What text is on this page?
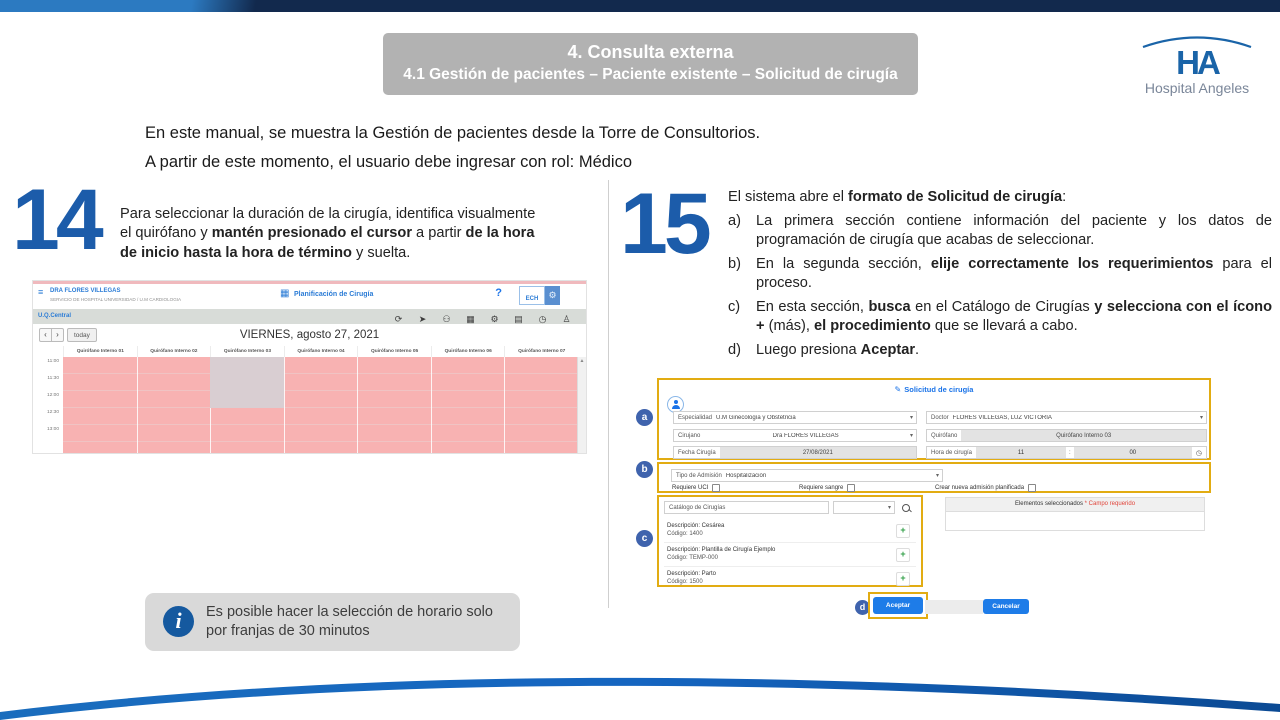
4. Consulta externa
4.1 Gestión de pacientes – Paciente existente – Solicitud de cirugía	HA
Hospital Angeles
En este manual, se muestra la Gestión de pacientes desde la Torre de Consultorios.
A partir de este momento, el usuario debe ingresar con rol: Médico
14 Para seleccionar la duración de la cirugía, identifica visualmente el quirófano y mantén presionado el cursor a partir de la hora de inicio hasta la hora de término y suelta.

≡ DRA FLORES VILLEGAS
SERVICIO DE HOSPITAL UNIVERSIDAD / U.M CARDIOLOGIA
▦ Planificación de Cirugía	?	ECH	⚙
U.Q.Central	⟳	➤	⚇	▦	⚙	▤	◷	♙
‹	›	today	VIERNES, agosto 27, 2021
Quirófano Interno 01	Quirófano Interno 02	Quirófano Interno 03	Quirófano Interno 04	Quirófano Interno 05	Quirófano Interno 06	Quirófano Interno 07
11:00
11:30
12:00
12:30
13:00
▲
i	Es posible hacer la selección de horario solo por franjas de 30 minutos
15 El sistema abre el formato de Solicitud de cirugía:
a)	La primera sección contiene información del paciente y los datos de programación de cirugía que acabas de seleccionar.
b)	En la segunda sección, elije correctamente los requerimientos para el proceso.
c)	En esta sección, busca en el Catálogo de Cirugías y selecciona con el ícono + (más), el procedimiento que se llevará a cabo.
d)	Luego presiona Aceptar.
a
b
c
✎ Solicitud de cirugía
Especialidad U.M Ginecología y Obstetricia	▾	Doctor FLORES VILLEGAS, LUZ VICTORIA	▾
Cirujano	Dra FLORES VILLEGAS	▾	Quirófano	Quirófano Interno 03
Fecha Cirugía	27/08/2021	Hora de cirugía	11	:	00	◷
Tipo de Admisión Hospitalización	▾
Requiere UCI	Requiere sangre	Crear nueva admisión planificada
Catálogo de Cirugías	▾
Descripción: Cesárea
Código: 1400	+
Descripción: Plantilla de Cirugía Ejemplo
Código: TEMP-000	+
Descripción: Parto
Código: 1500	+
Elementos seleccionados * Campo requerido
d	Aceptar	Cancelar
